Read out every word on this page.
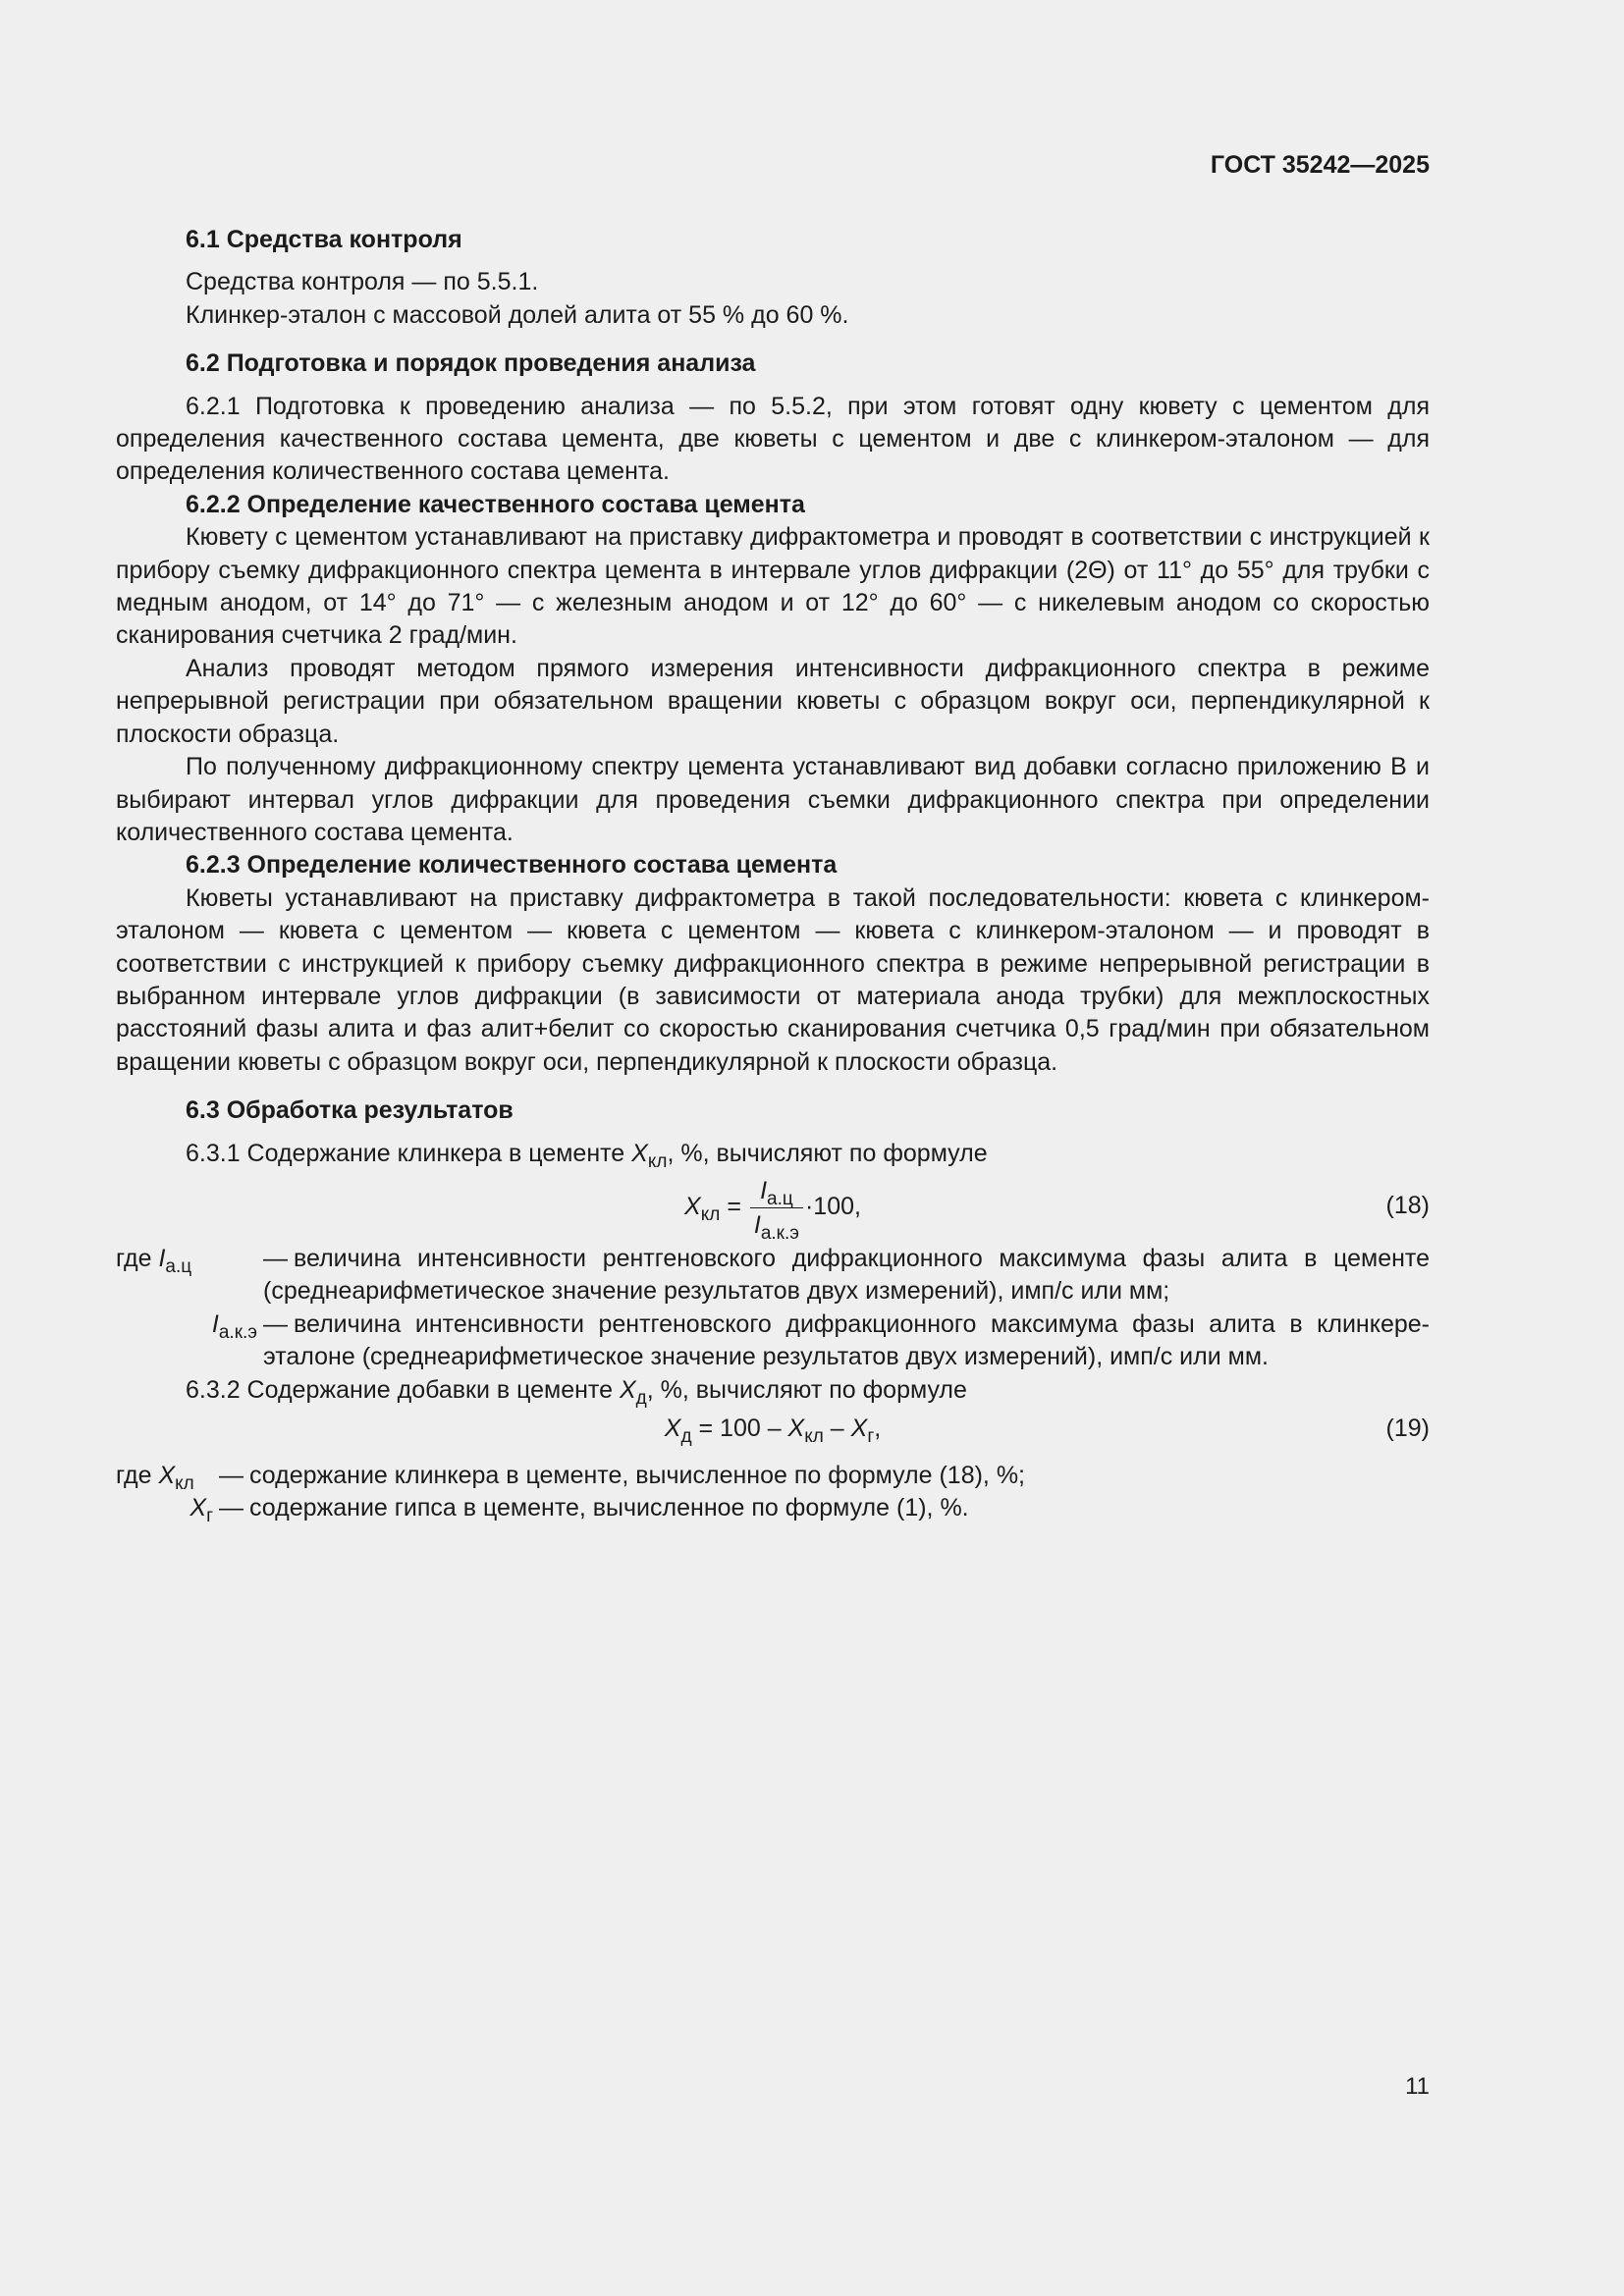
ГОСТ 35242—2025

6.1 Средства контроля

Средства контроля — по 5.5.1.

Клинкер-эталон с массовой долей алита от 55 % до 60 %.

6.2 Подготовка и порядок проведения анализа

6.2.1 Подготовка к проведению анализа — по 5.5.2, при этом готовят одну кювету с цементом для определения качественного состава цемента, две кюветы с цементом и две с клинкером-эталоном — для определения количественного состава цемента.

6.2.2 Определение качественного состава цемента

Кювету с цементом устанавливают на приставку дифрактометра и проводят в соответствии с инструкцией к прибору съемку дифракционного спектра цемента в интервале углов дифракции (2Θ) от 11° до 55° для трубки с медным анодом, от 14° до 71° — с железным анодом и от 12° до 60° — с никелевым анодом со скоростью сканирования счетчика 2 град/мин.

Анализ проводят методом прямого измерения интенсивности дифракционного спектра в режиме непрерывной регистрации при обязательном вращении кюветы с образцом вокруг оси, перпендикулярной к плоскости образца.

По полученному дифракционному спектру цемента устанавливают вид добавки согласно приложению В и выбирают интервал углов дифракции для проведения съемки дифракционного спектра при определении количественного состава цемента.

6.2.3 Определение количественного состава цемента

Кюветы устанавливают на приставку дифрактометра в такой последовательности: кювета с клинкером-эталоном — кювета с цементом — кювета с цементом — кювета с клинкером-эталоном — и проводят в соответствии с инструкцией к прибору съемку дифракционного спектра в режиме непрерывной регистрации в выбранном интервале углов дифракции (в зависимости от материала анода трубки) для межплоскостных расстояний фазы алита и фаз алит+белит со скоростью сканирования счетчика 0,5 град/мин при обязательном вращении кюветы с образцом вокруг оси, перпендикулярной к плоскости образца.

6.3 Обработка результатов

6.3.1 Содержание клинкера в цементе $X_{кл}$, %, вычисляют по формуле

$X_{кл} = \frac{I_{а.ц}}{I_{а.к.э}} \cdot 100$,	(18)
где $I_{а.ц}$	— величина интенсивности рентгеновского дифракционного максимума фазы алита в цементе (среднеарифметическое значение результатов двух измерений), имп/с или мм;
$I_{а.к.э}$ — величина интенсивности рентгеновского дифракционного максимума фазы алита в клинкере-эталоне (среднеарифметическое значение результатов двух измерений), имп/с или мм.

6.3.2 Содержание добавки в цементе $X_д$, %, вычисляют по формуле

$X_д = 100 - X_{кл} - X_г$,	(19)
где $X_{кл}$	— содержание клинкера в цементе, вычисленное по формуле (18), %;
$X_г$ — содержание гипса в цементе, вычисленное по формуле (1), %.
11
